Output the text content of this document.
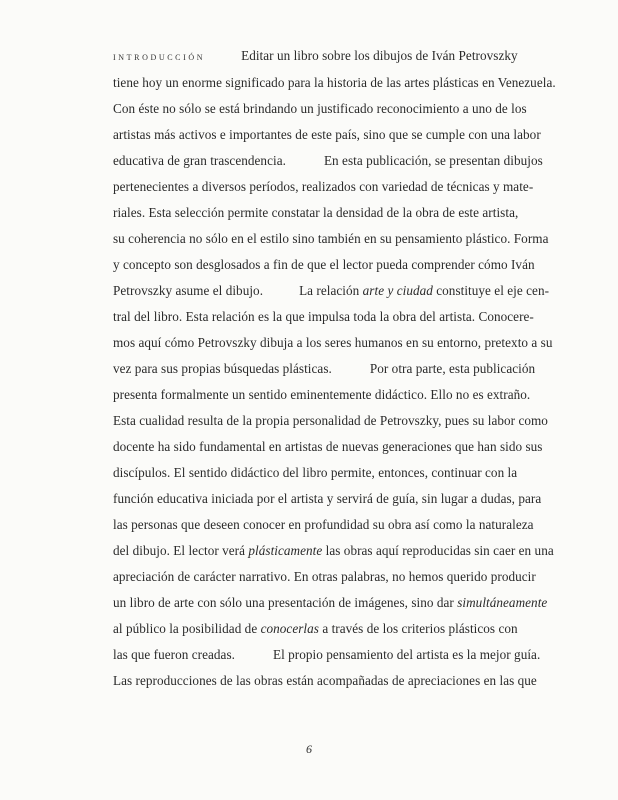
INTRODUCCIÓN	Editar un libro sobre los dibujos de Iván Petrovszky
tiene hoy un enorme significado para la historia de las artes plásticas en Venezuela.
Con éste no sólo se está brindando un justificado reconocimiento a uno de los
artistas más activos e importantes de este país, sino que se cumple con una labor
educativa de gran trascendencia.	En esta publicación, se presentan dibujos
pertenecientes a diversos períodos, realizados con variedad de técnicas y mate-
riales. Esta selección permite constatar la densidad de la obra de este artista,
su coherencia no sólo en el estilo sino también en su pensamiento plástico. Forma
y concepto son desglosados a fin de que el lector pueda comprender cómo Iván
Petrovszky asume el dibujo.	La relación arte y ciudad constituye el eje cen-
tral del libro. Esta relación es la que impulsa toda la obra del artista. Conocere-
mos aquí cómo Petrovszky dibuja a los seres humanos en su entorno, pretexto a su
vez para sus propias búsquedas plásticas.	Por otra parte, esta publicación
presenta formalmente un sentido eminentemente didáctico. Ello no es extraño.
Esta cualidad resulta de la propia personalidad de Petrovszky, pues su labor como
docente ha sido fundamental en artistas de nuevas generaciones que han sido sus
discípulos. El sentido didáctico del libro permite, entonces, continuar con la
función educativa iniciada por el artista y servirá de guía, sin lugar a dudas, para
las personas que deseen conocer en profundidad su obra así como la naturaleza
del dibujo. El lector verá plásticamente las obras aquí reproducidas sin caer en una
apreciación de carácter narrativo. En otras palabras, no hemos querido producir
un libro de arte con sólo una presentación de imágenes, sino dar simultáneamente
al público la posibilidad de conocerlas a través de los criterios plásticos con
las que fueron creadas.	El propio pensamiento del artista es la mejor guía.
Las reproducciones de las obras están acompañadas de apreciaciones en las que
6
